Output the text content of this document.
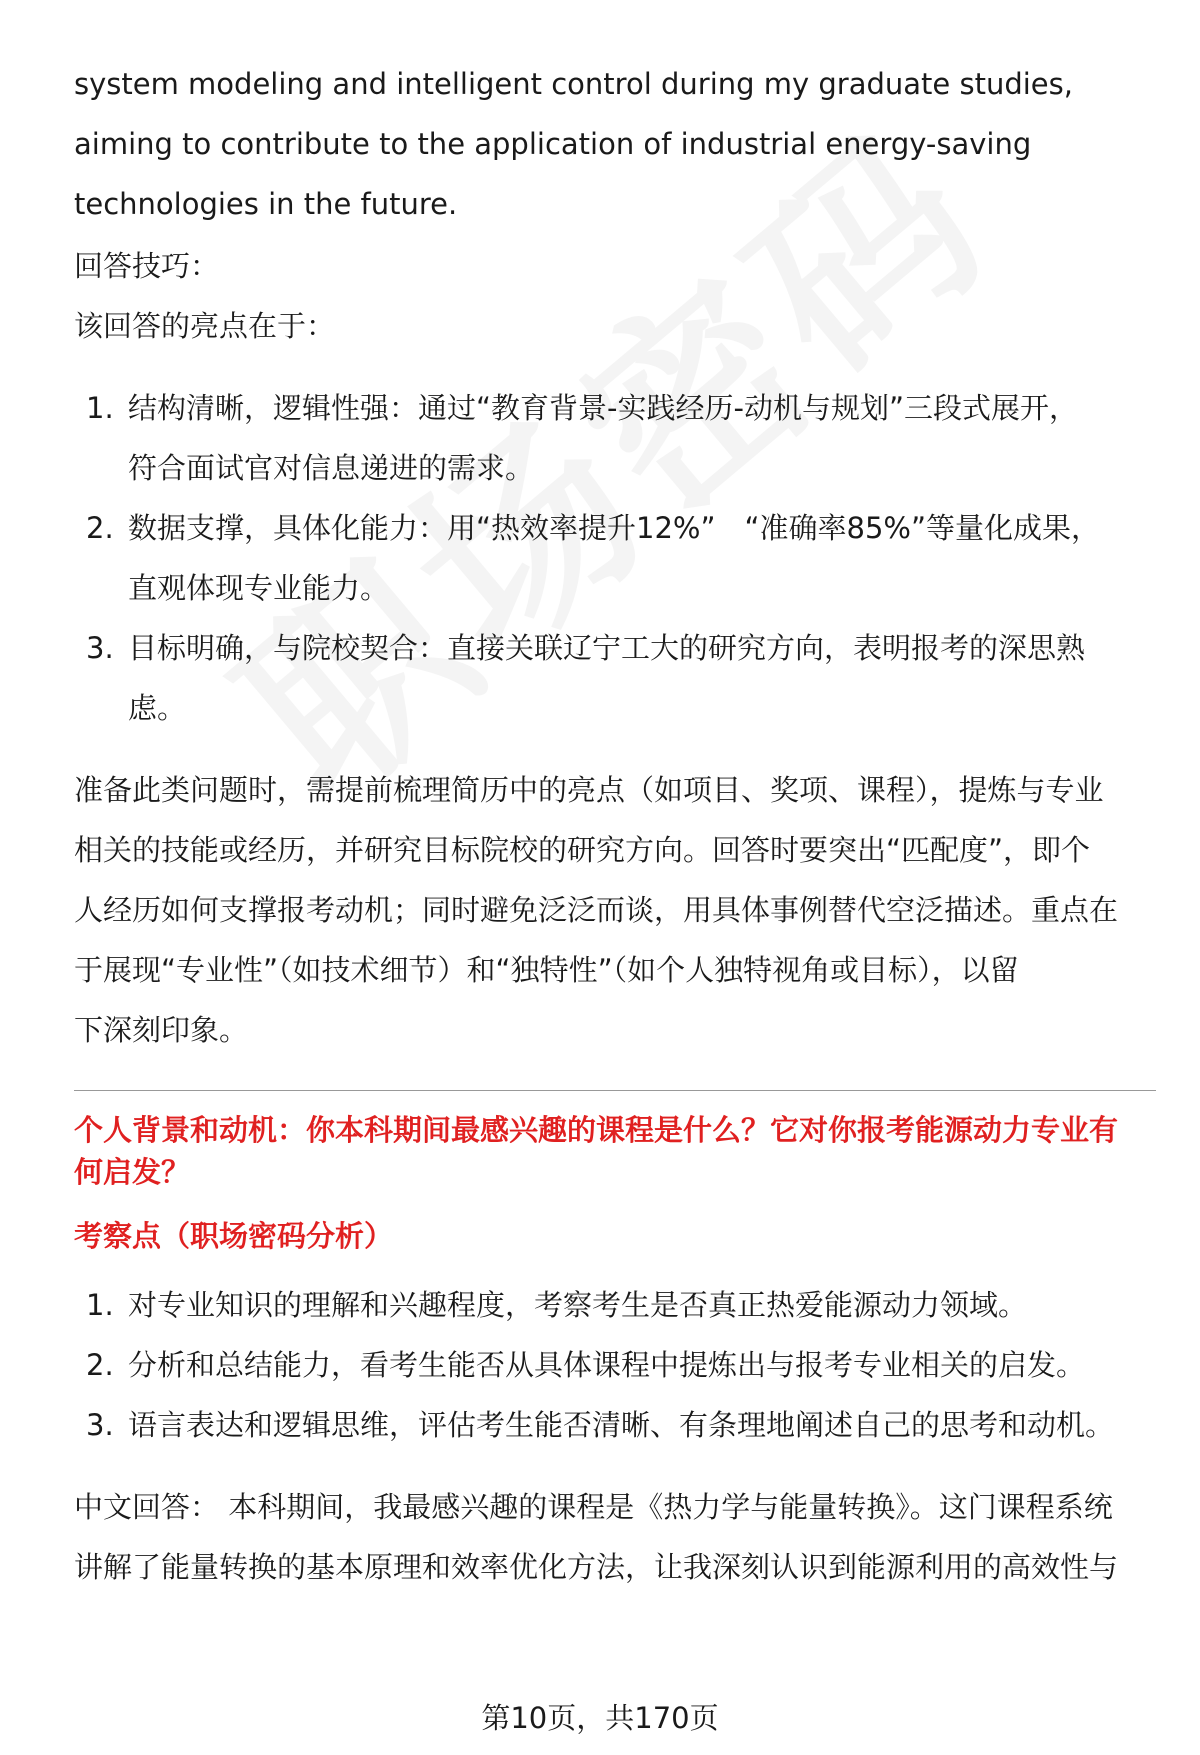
system modeling and intelligent control during my graduate studies,
aiming to contribute to the application of industrial energy-saving
technologies in the future.

回答技巧：

该回答的亮点在于：

1. 结构清晰，逻辑性强：通过“教育背景-实践经历-动机与规划”三段式展开，
符合面试官对信息递进的需求。
2. 数据支撑，具体化能力：用“热效率提升12%”　“准确率85%”等量化成果，
直观体现专业能力。
3. 目标明确，与院校契合：直接关联辽宁工大的研究方向，表明报考的深思熟
虑。
准备此类问题时，需提前梳理简历中的亮点（如项目、奖项、课程），提炼与专业
相关的技能或经历，并研究目标院校的研究方向。回答时要突出“匹配度”，即个
人经历如何支撑报考动机；同时避免泛泛而谈，用具体事例替代空泛描述。重点在
于展现“专业性”（如技术细节）和“独特性”（如个人独特视角或目标），以留
下深刻印象。
个人背景和动机：你本科期间最感兴趣的课程是什么？它对你报考能源动力专业有
何启发？
考察点（职场密码分析）
1. 对专业知识的理解和兴趣程度，考察考生是否真正热爱能源动力领域。
2. 分析和总结能力，看考生能否从具体课程中提炼出与报考专业相关的启发。
3. 语言表达和逻辑思维，评估考生能否清晰、有条理地阐述自己的思考和动机。
中文回答： 本科期间，我最感兴趣的课程是《热力学与能量转换》。这门课程系统
讲解了能量转换的基本原理和效率优化方法，让我深刻认识到能源利用的高效性与
第10页，共170页
